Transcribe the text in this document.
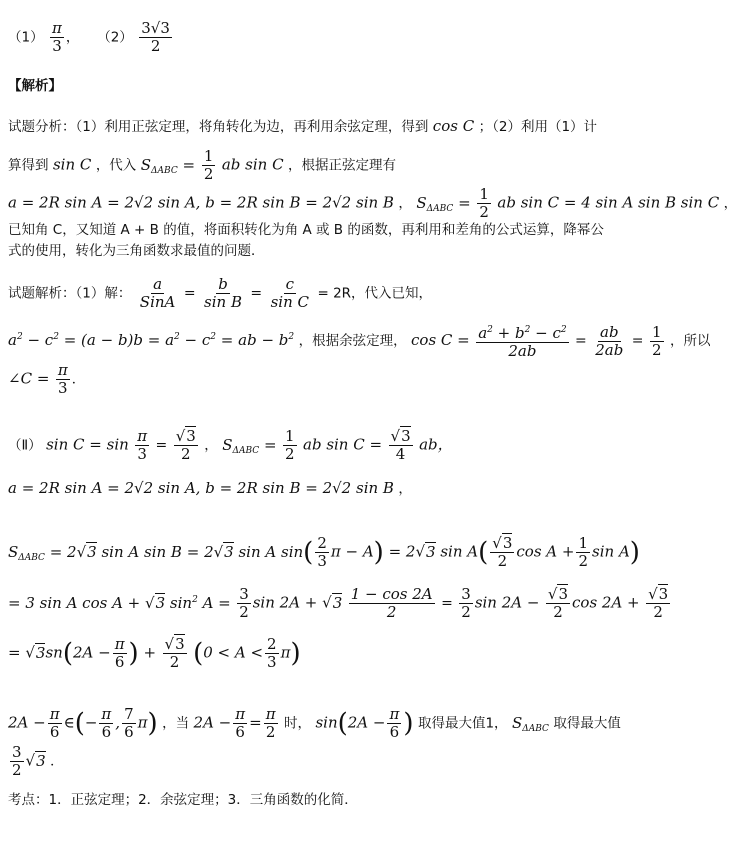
$(1) \frac{\pi}{3}$ ， $(2) \frac{3√3}{2}$
【解析】
试题分析：（1）利用正弦定理，将角转化为边，再利用余弦定理，得到 cos C ；（2）利用（1）计
算得到 sin C ，代入 $S_{\Delta ABC} = \frac{1}{2}$ ab sin C ，根据正弦定理有
a = 2R sin A = 2√2 sin A, b = 2R sin B = 2√2 sin B ， $S_{\Delta ABC} = \frac{1}{2}$ ab sin C = 4 sin A sin B sin C ，
已知角 C，又知道 A + B 的值，将面积转化为角 A 或 B 的函数，再利用和差角的公式运算，降幂公
式的使用，转化为三角函数求最值的问题．
试题解析：（1）解： $\frac{a}{\text{SinA}} = \frac{b}{\text{sin B}} = \frac{c}{\text{sin C}} = 2R$，代入已知，
$a^2 - c^2 = (a - b)b = a^2 - c^2$ = ab − $b^2$ ，根据余弦定理， $\cos C = \frac{a^2 + b^2 - c^2}{2ab} = \frac{ab}{2ab} = \frac{1}{2}$ ，所以
∠C = $\frac{\pi}{3}$ ．
（Ⅱ） $\sin C = \sin \frac{\pi}{3} = \frac{√3}{2}$ ， $S_{\Delta ABC} = \frac{1}{2}$ ab $\sin C = \frac{√3}{4}$ ab，
a = 2R sin A = 2√2 sin A, b = 2R sin B = 2√2 sin B ，
$S_{\Delta ABC} = 2√3$ sin A sin B = 2√3 sin A $\sin( \frac{2}{3}$ π − A) = 2√3 $\sin A( \frac{√3}{2}$ $\cos A + \frac{1}{2}$ sin A)
= 3 sin A cos A + √3 $\sin^2 A = \frac{3}{2}$ $\sin 2A + √3 \frac{1 - \cos 2A}{2} = \frac{3}{2}$ $\sin 2A - \frac{√3}{2}$ $\cos 2A + \frac{√3}{2}$
= $√3sn(2A - \frac{\pi}{6}$ ) + $\frac{√3}{2} (0 < A < \frac{2}{3} \pi)$
$2A - \frac{\pi}{6}$ ∈(− $\frac{\pi}{6}$ , $\frac{7}{6} \pi$) ，当 $2A - \frac{\pi}{6} = \frac{\pi}{2}$ 时， $\sin(2A - \frac{\pi}{6}$ ) 取得最大值1， $S_{\Delta ABC}$ 取得最大值
$\frac{3}{2} √3$ ．
考点：1．正弦定理；2．余弦定理；3．三角函数的化简．
